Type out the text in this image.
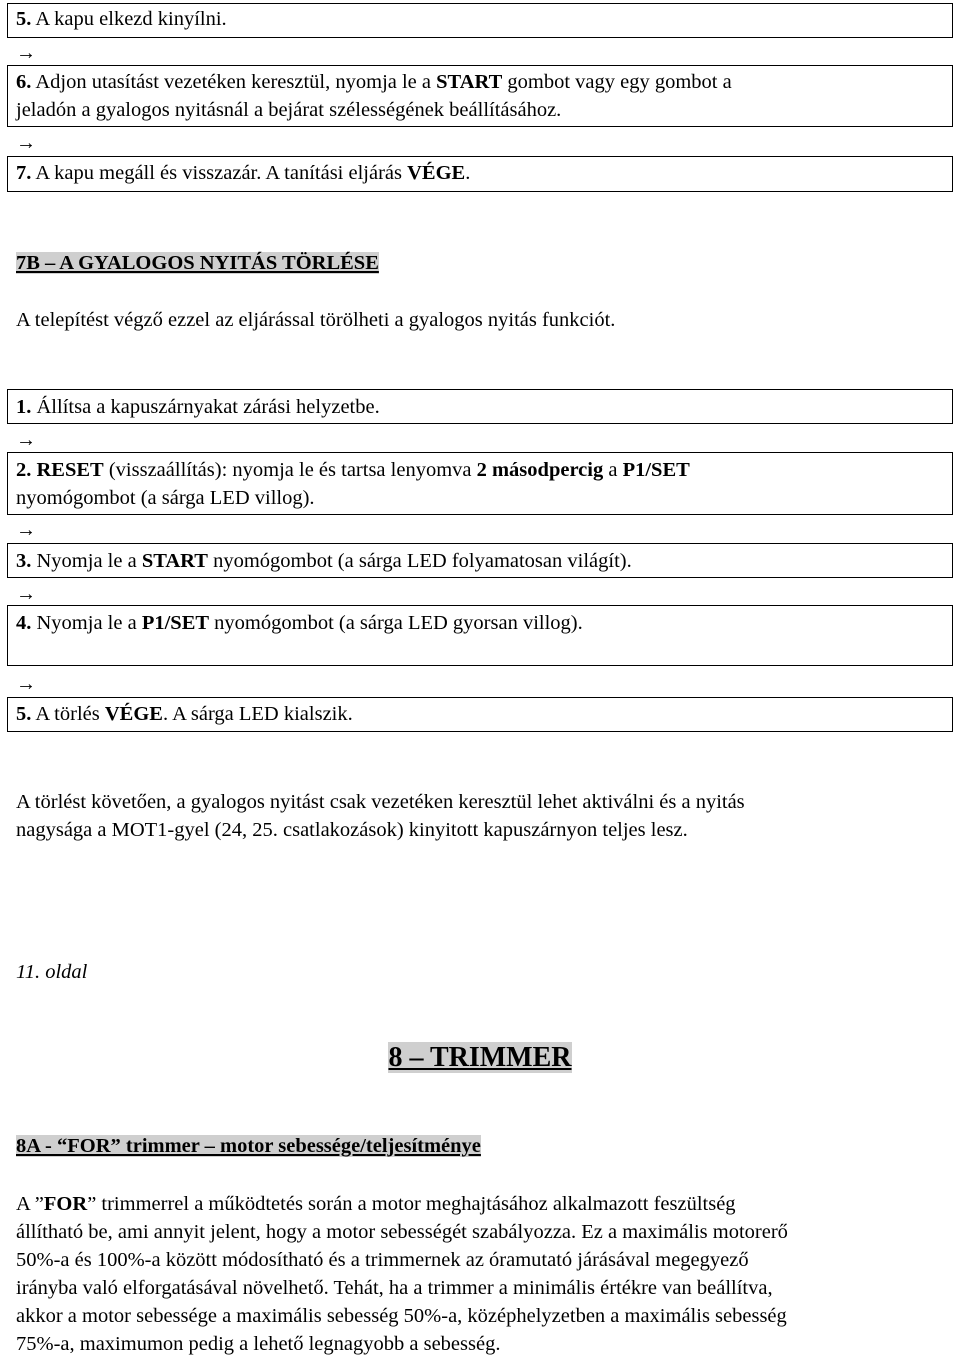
5. A kapu elkezd kinyílni.
→
6. Adjon utasítást vezetéken keresztül, nyomja le a START gombot vagy egy gombot a
jeladón a gyalogos nyitásnál a bejárat szélességének beállításához.
→
7. A kapu megáll és visszazár. A tanítási eljárás VÉGE.
7B – A GYALOGOS NYITÁS TÖRLÉSE
A telepítést végző ezzel az eljárással törölheti a gyalogos nyitás funkciót.
1. Állítsa a kapuszárnyakat zárási helyzetbe.
→
2. RESET (visszaállítás): nyomja le és tartsa lenyomva 2 másodpercig a P1/SET
nyomógombot (a sárga LED villog).
→
3. Nyomja le a START nyomógombot (a sárga LED folyamatosan világít).
→
4. Nyomja le a P1/SET nyomógombot (a sárga LED gyorsan villog).
→
5. A törlés VÉGE. A sárga LED kialszik.
A törlést követően, a gyalogos nyitást csak vezetéken keresztül lehet aktiválni és a nyitás
nagysága a MOT1-gyel (24, 25. csatlakozások) kinyitott kapuszárnyon teljes lesz.
11. oldal
8 – TRIMMER
8A - “FOR” trimmer – motor sebessége/teljesítménye
A ”FOR” trimmerrel a működtetés során a motor meghajtásához alkalmazott feszültség
állítható be, ami annyit jelent, hogy a motor sebességét szabályozza. Ez a maximális motorerő
50%-a és 100%-a között módosítható és a trimmernek az óramutató járásával megegyező
irányba való elforgatásával növelhető. Tehát, ha a trimmer a minimális értékre van beállítva,
akkor a motor sebessége a maximális sebesség 50%-a, középhelyzetben a maximális sebesség
75%-a, maximumon pedig a lehető legnagyobb a sebesség.
